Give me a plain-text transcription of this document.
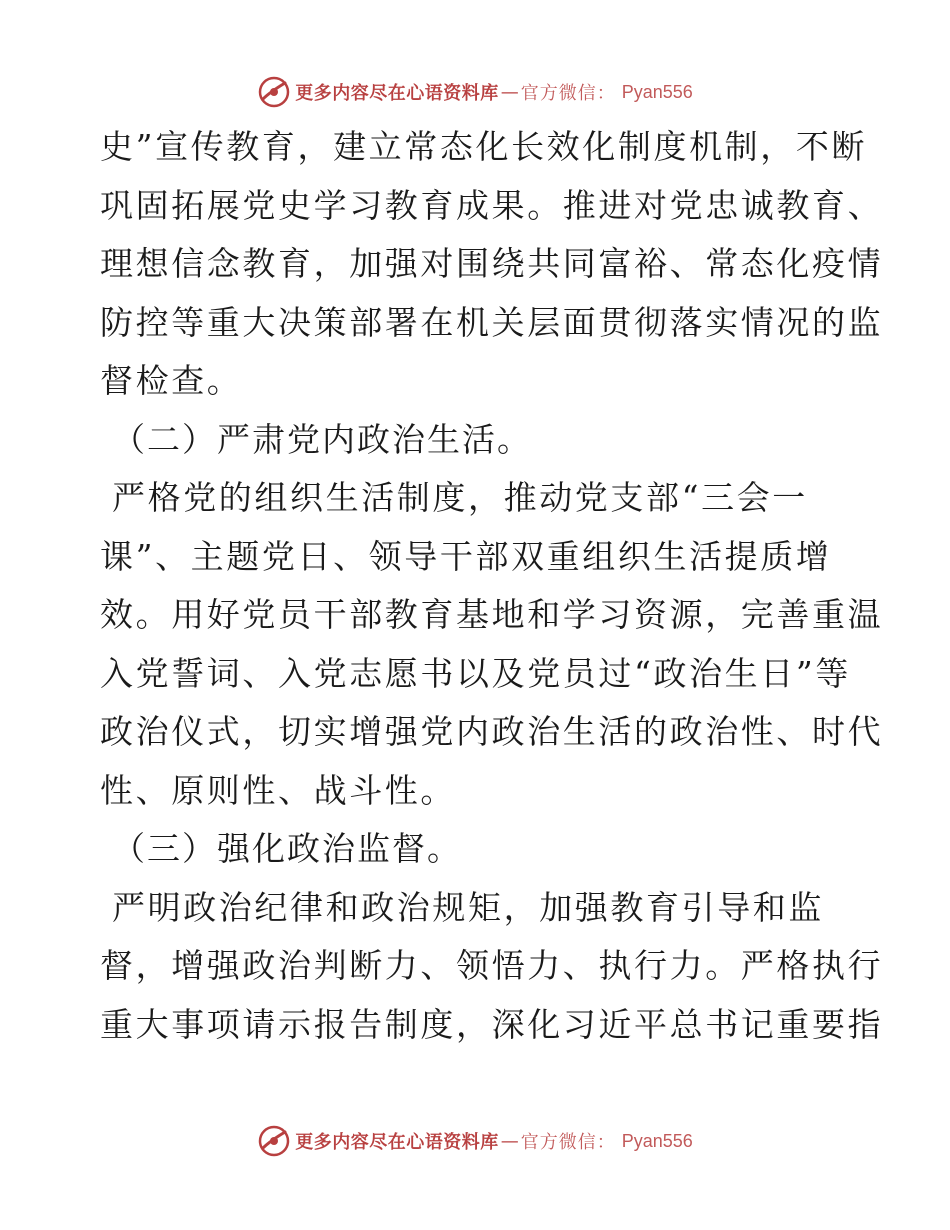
更多内容尽在心语资料库 — 官方微信： Pyan556
史”宣传教育，建立常态化长效化制度机制，不断
巩固拓展党史学习教育成果。推进对党忠诚教育、
理想信念教育，加强对围绕共同富裕、常态化疫情
防控等重大决策部署在机关层面贯彻落实情况的监
督检查。
（二）严肃党内政治生活。
严格党的组织生活制度，推动党支部“三会一
课”、主题党日、领导干部双重组织生活提质增
效。用好党员干部教育基地和学习资源，完善重温
入党誓词、入党志愿书以及党员过“政治生日”等
政治仪式，切实增强党内政治生活的政治性、时代
性、原则性、战斗性。
（三）强化政治监督。
严明政治纪律和政治规矩，加强教育引导和监
督，增强政治判断力、领悟力、执行力。严格执行
重大事项请示报告制度，深化习近平总书记重要指
更多内容尽在心语资料库 — 官方微信： Pyan556
